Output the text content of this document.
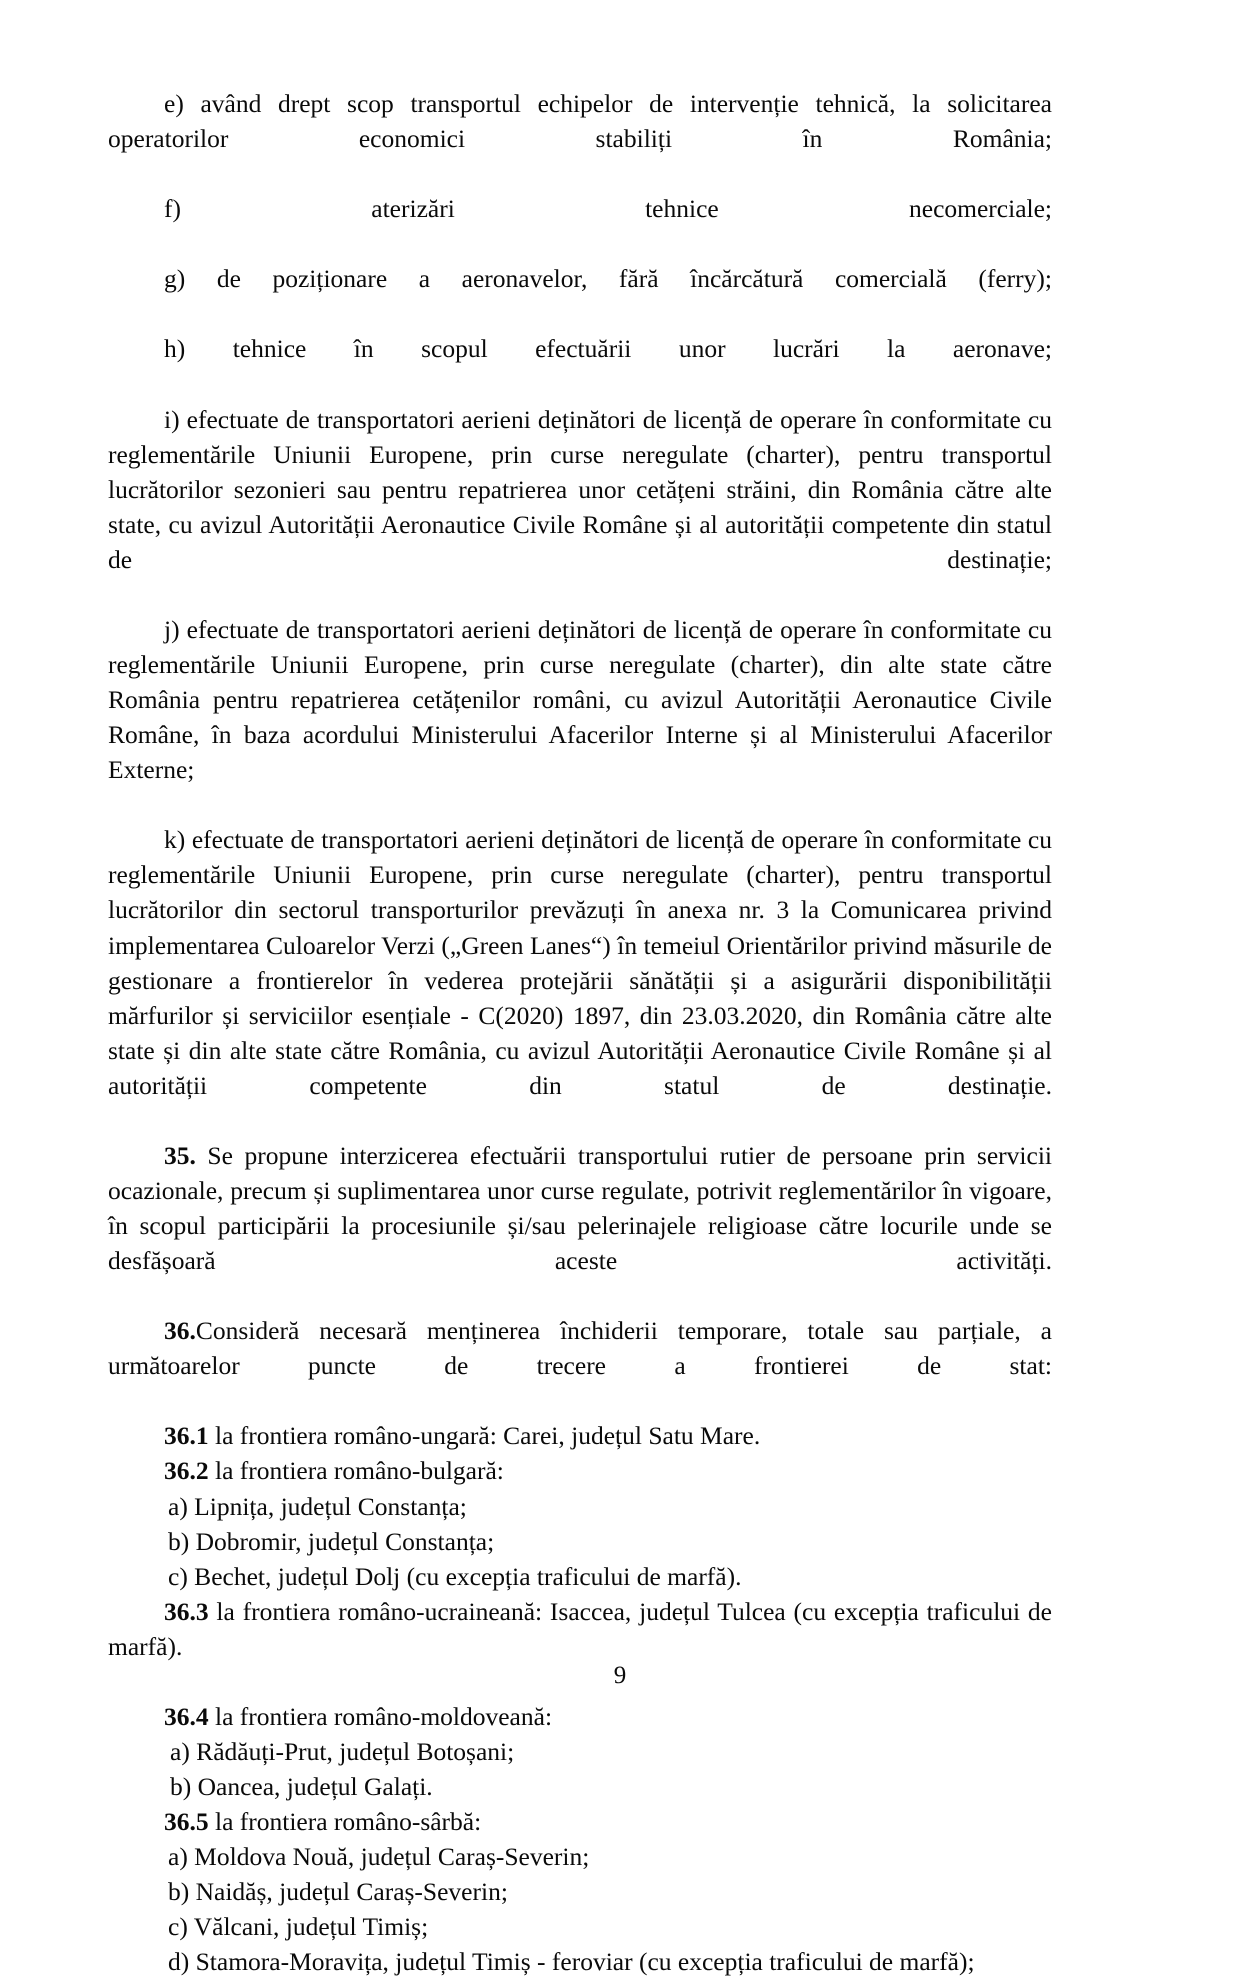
e) având drept scop transportul echipelor de intervenție tehnică, la solicitarea operatorilor economici stabiliți în România;

f) aterizări tehnice necomerciale;

g) de poziționare a aeronavelor, fără încărcătură comercială (ferry);

h) tehnice în scopul efectuării unor lucrări la aeronave;

i) efectuate de transportatori aerieni deținători de licență de operare în conformitate cu reglementările Uniunii Europene, prin curse neregulate (charter), pentru transportul lucrătorilor sezonieri sau pentru repatrierea unor cetățeni străini, din România către alte state, cu avizul Autorității Aeronautice Civile Române și al autorității competente din statul de destinație;

j) efectuate de transportatori aerieni deținători de licență de operare în conformitate cu reglementările Uniunii Europene, prin curse neregulate (charter), din alte state către România pentru repatrierea cetățenilor români, cu avizul Autorității Aeronautice Civile Române, în baza acordului Ministerului Afacerilor Interne și al Ministerului Afacerilor Externe;

k) efectuate de transportatori aerieni deținători de licență de operare în conformitate cu reglementările Uniunii Europene, prin curse neregulate (charter), pentru transportul lucrătorilor din sectorul transporturilor prevăzuți în anexa nr. 3 la Comunicarea privind implementarea Culoarelor Verzi („Green Lanes“) în temeiul Orientărilor privind măsurile de gestionare a frontierelor în vederea protejării sănătății și a asigurării disponibilității mărfurilor și serviciilor esențiale - C(2020) 1897, din 23.03.2020, din România către alte state și din alte state către România, cu avizul Autorității Aeronautice Civile Române și al autorității competente din statul de destinație.

35. Se propune interzicerea efectuării transportului rutier de persoane prin servicii ocazionale, precum și suplimentarea unor curse regulate, potrivit reglementărilor în vigoare, în scopul participării la procesiunile și/sau pelerinajele religioase către locurile unde se desfășoară aceste activități.

36.Consideră necesară menținerea închiderii temporare, totale sau parțiale, a următoarelor puncte de trecere a frontierei de stat:

36.1 la frontiera româno-ungară: Carei, județul Satu Mare.

36.2 la frontiera româno-bulgară:

a) Lipnița, județul Constanța;

b) Dobromir, județul Constanța;

c) Bechet, județul Dolj (cu excepția traficului de marfă).

36.3 la frontiera româno-ucraineană: Isaccea, județul Tulcea (cu excepția traficului de marfă).

36.4 la frontiera româno-moldoveană:

a) Rădăuți-Prut, județul Botoșani;

b) Oancea, județul Galați.

36.5 la frontiera româno-sârbă:

a) Moldova Nouă, județul Caraș-Severin;

b) Naidăș, județul Caraș-Severin;

c) Vălcani, județul Timiș;

d) Stamora-Moravița, județul Timiș - feroviar (cu excepția traficului de marfă);

9
